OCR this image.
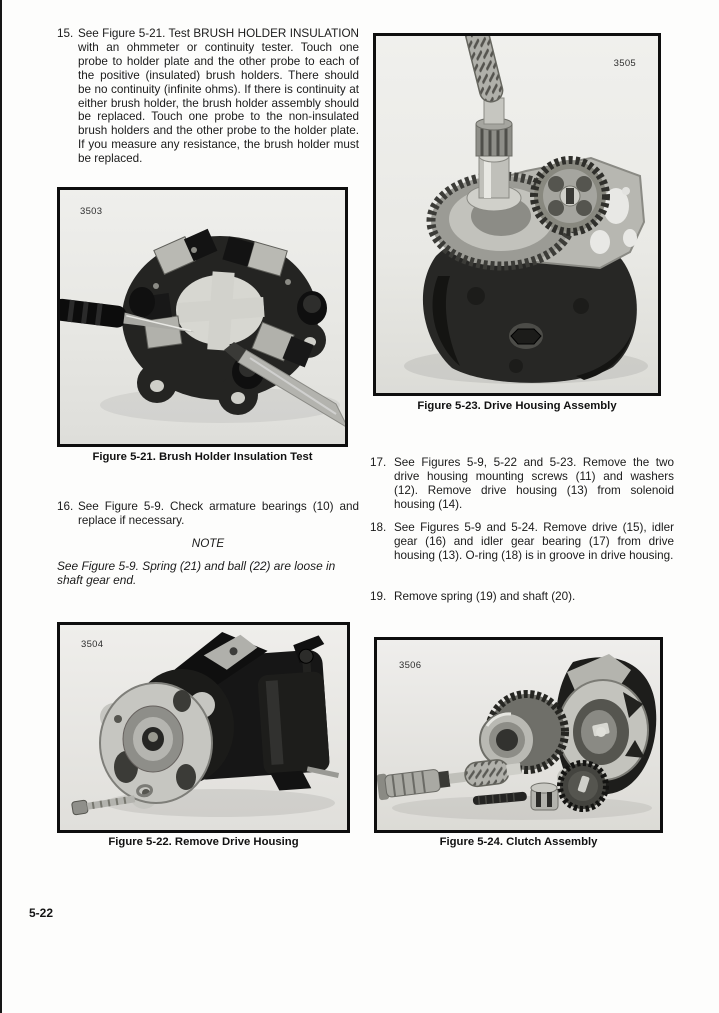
15. See Figure 5-21. Test BRUSH HOLDER INSULATION with an ohmmeter or continuity tester. Touch one probe to holder plate and the other probe to each of the positive (insulated) brush holders. There should be no continuity (infinite ohms). If there is continuity at either brush holder, the brush holder assembly should be replaced. Touch one probe to the non-insulated brush holders and the other probe to the holder plate. If you measure any resistance, the brush holder must be replaced.
3503
Figure 5-21. Brush Holder Insulation Test
16. See Figure 5-9. Check armature bearings (10) and replace if necessary.
NOTE
See Figure 5-9. Spring (21) and ball (22) are loose in shaft gear end.
3504
Figure 5-22. Remove Drive Housing
3505
Figure 5-23. Drive Housing Assembly
17. See Figures 5-9, 5-22 and 5-23. Remove the two drive housing mounting screws (11) and washers (12). Remove drive housing (13) from solenoid housing (14).
18. See Figures 5-9 and 5-24. Remove drive (15), idler gear (16) and idler gear bearing (17) from drive housing (13). O-ring (18) is in groove in drive housing.
19. Remove spring (19) and shaft (20).
3506
Figure 5-24. Clutch Assembly
5-22
